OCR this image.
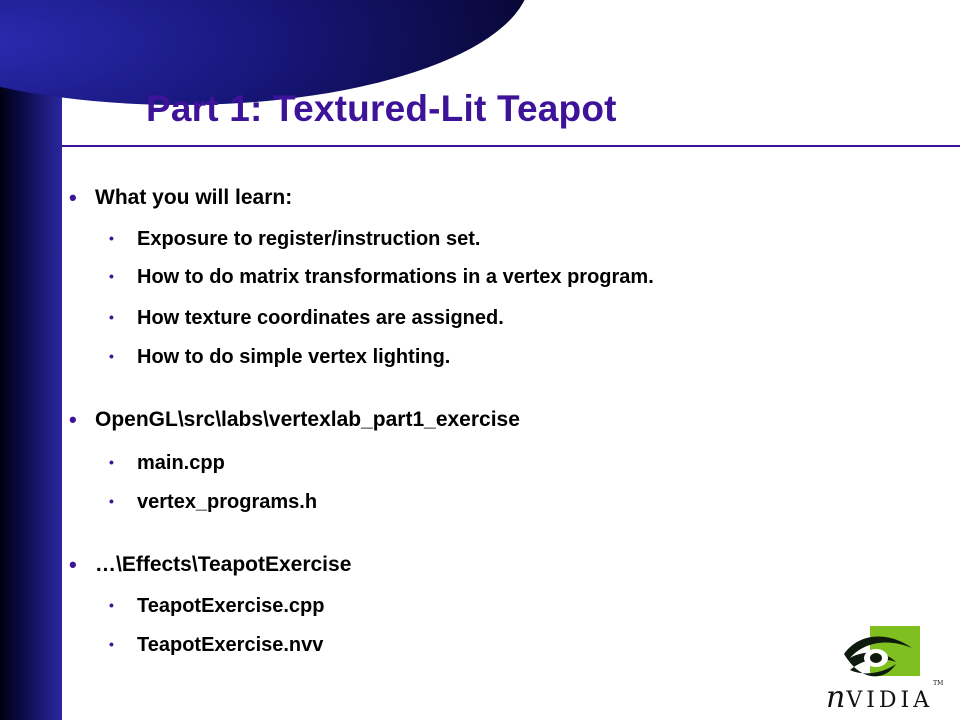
Part 1: Textured-Lit Teapot
• What you will learn:
• Exposure to register/instruction set.
• How to do matrix transformations in a vertex program.
• How texture coordinates are assigned.
• How to do simple vertex lighting.
• OpenGL\src\labs\vertexlab_part1_exercise
• main.cpp
• vertex_programs.h
• …\Effects\TeapotExercise
• TeapotExercise.cpp
• TeapotExercise.nvv
nVIDIA™
